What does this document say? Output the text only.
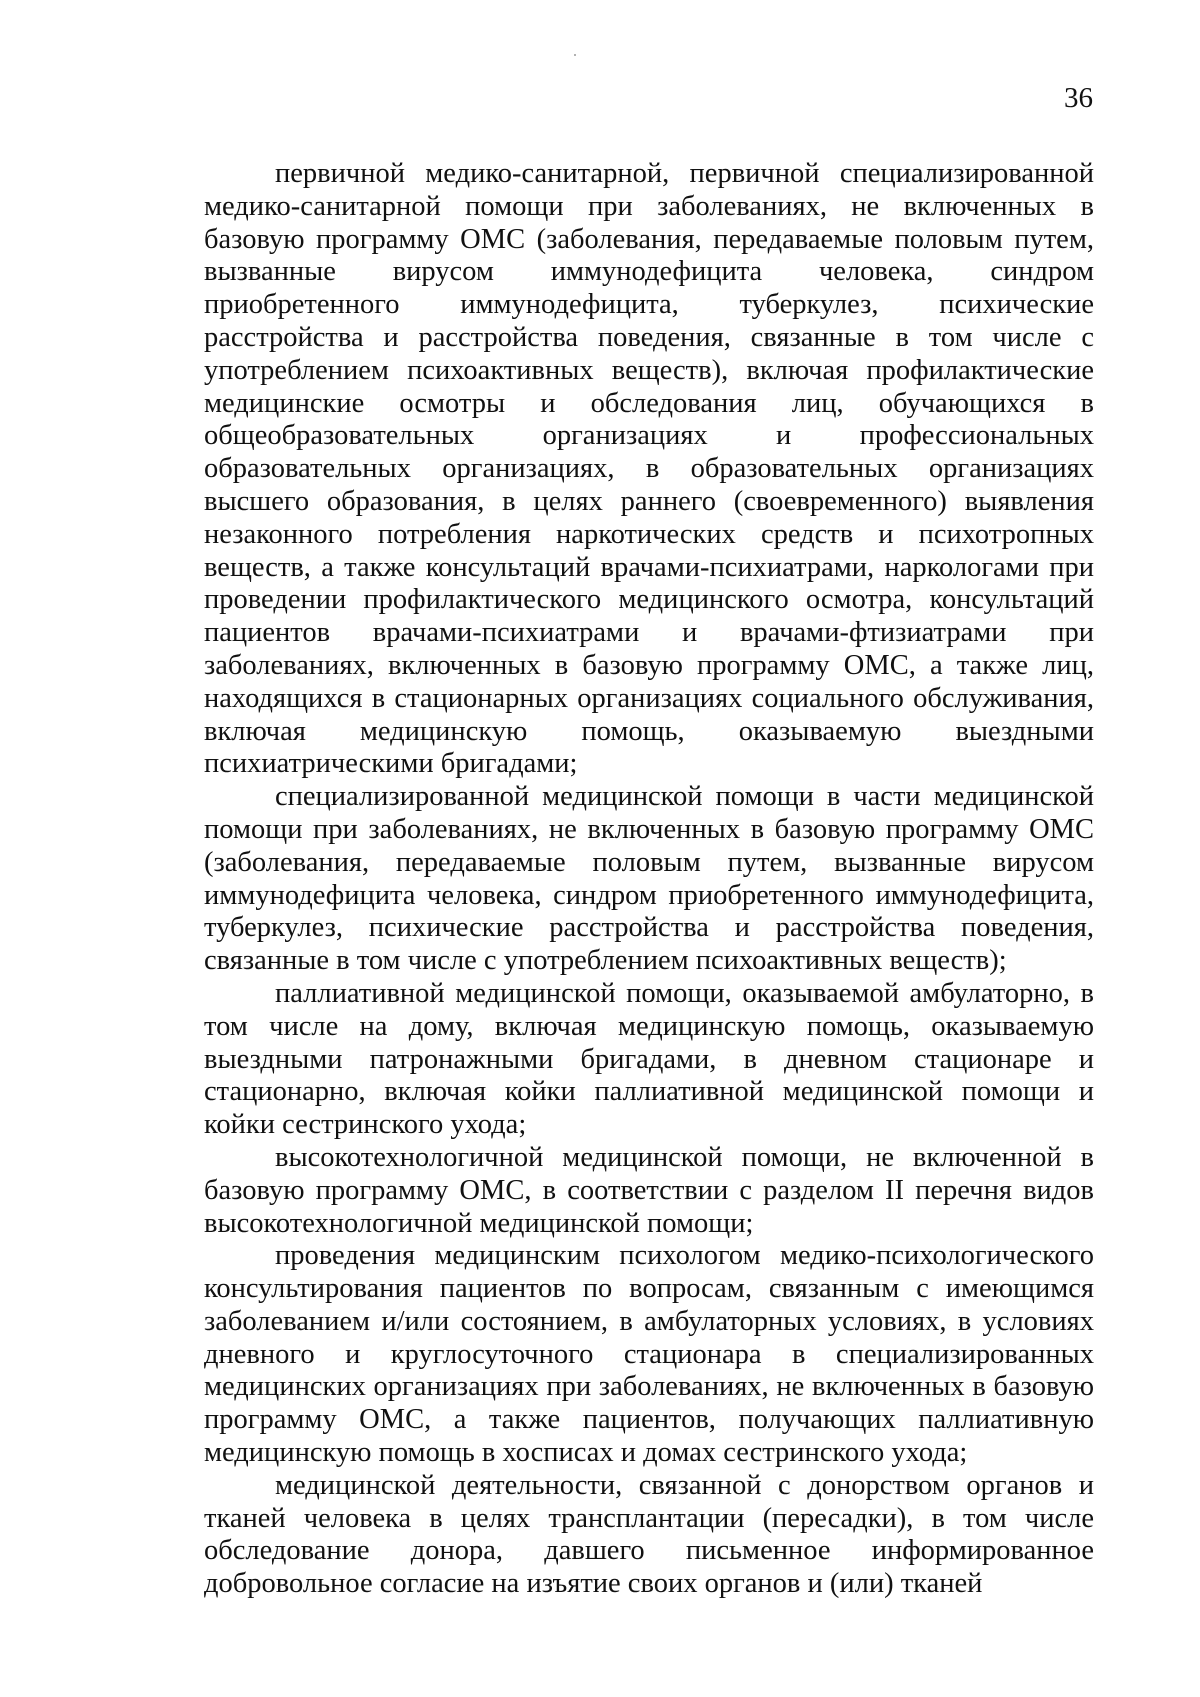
36

первичной медико-санитарной, первичной специализированной медико-санитарной помощи при заболеваниях, не включенных в базовую программу ОМС (заболевания, передаваемые половым путем, вызванные вирусом иммунодефицита человека, синдром приобретенного иммунодефицита, туберкулез, психические расстройства и расстройства поведения, связанные в том числе с употреблением психоактивных веществ), включая профилактические медицинские осмотры и обследования лиц, обучающихся в общеобразовательных организациях и профессиональных образовательных организациях, в образовательных организациях высшего образования, в целях раннего (своевременного) выявления незаконного потребления наркотических средств и психотропных веществ, а также консультаций врачами-психиатрами, наркологами при проведении профилактического медицинского осмотра, консультаций пациентов врачами-психиатрами и врачами-фтизиатрами при заболеваниях, включенных в базовую программу ОМС, а также лиц, находящихся в стационарных организациях социального обслуживания, включая медицинскую помощь, оказываемую выездными психиатрическими бригадами;

специализированной медицинской помощи в части медицинской помощи при заболеваниях, не включенных в базовую программу ОМС (заболевания, передаваемые половым путем, вызванные вирусом иммунодефицита человека, синдром приобретенного иммунодефицита, туберкулез, психические расстройства и расстройства поведения, связанные в том числе с употреблением психоактивных веществ);

паллиативной медицинской помощи, оказываемой амбулаторно, в том числе на дому, включая медицинскую помощь, оказываемую выездными патронажными бригадами, в дневном стационаре и стационарно, включая койки паллиативной медицинской помощи и койки сестринского ухода;

высокотехнологичной медицинской помощи, не включенной в базовую программу ОМС, в соответствии с разделом II перечня видов высокотехнологичной медицинской помощи;

проведения медицинским психологом медико-психологического консультирования пациентов по вопросам, связанным с имеющимся заболеванием и/или состоянием, в амбулаторных условиях, в условиях дневного и круглосуточного стационара в специализированных медицинских организациях при заболеваниях, не включенных в базовую программу ОМС, а также пациентов, получающих паллиативную медицинскую помощь в хосписах и домах сестринского ухода;

медицинской деятельности, связанной с донорством органов и тканей человека в целях трансплантации (пересадки), в том числе обследование донора, давшего письменное информированное добровольное согласие на изъятие своих органов и (или) тканей
